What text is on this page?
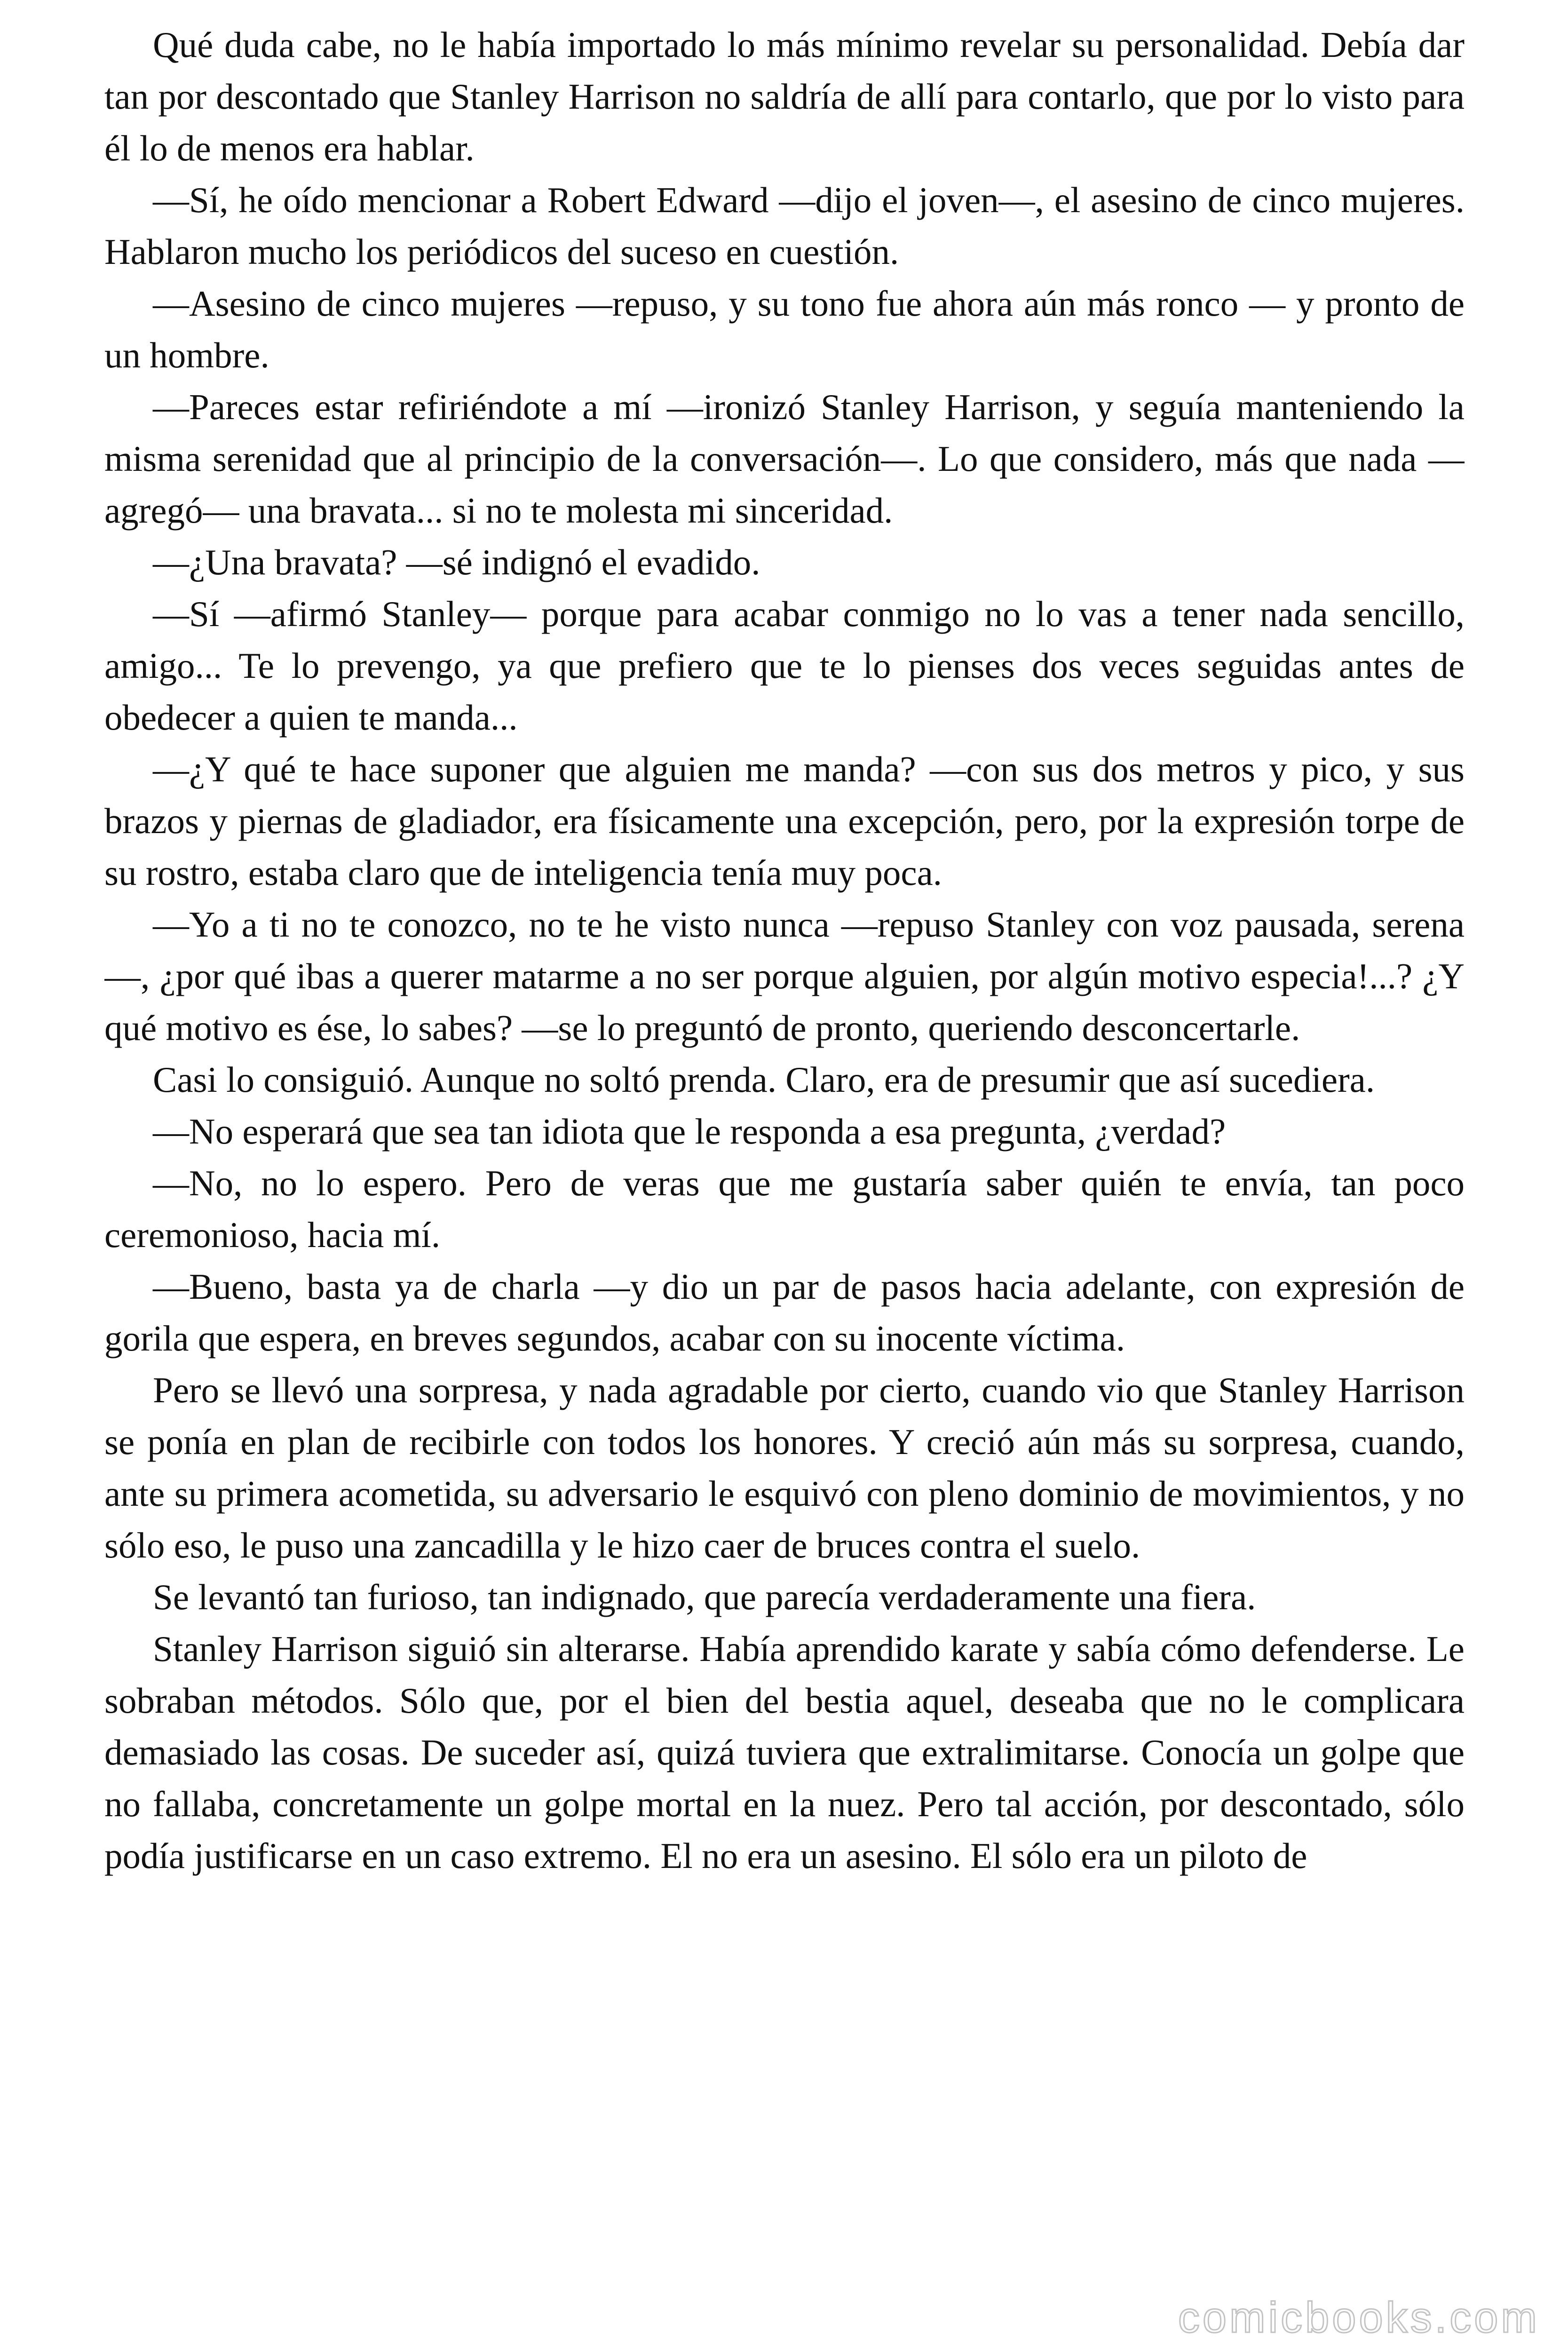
Qué duda cabe, no le había importado lo más mínimo revelar su personalidad. Debía dar tan por descontado que Stanley Harrison no saldría de allí para contarlo, que por lo visto para él lo de menos era hablar.

—Sí, he oído mencionar a Robert Edward —dijo el joven—, el asesino de cinco mujeres. Hablaron mucho los periódicos del suceso en cuestión.

—Asesino de cinco mujeres —repuso, y su tono fue ahora aún más ronco — y pronto de un hombre.

—Pareces estar refiriéndote a mí —ironizó Stanley Harrison, y seguía manteniendo la misma serenidad que al principio de la conversación—. Lo que considero, más que nada —agregó— una bravata... si no te molesta mi sinceridad.

—¿Una bravata? —sé indignó el evadido.

—Sí —afirmó Stanley— porque para acabar conmigo no lo vas a tener nada sencillo, amigo... Te lo prevengo, ya que prefiero que te lo pienses dos veces seguidas antes de obedecer a quien te manda...

—¿Y qué te hace suponer que alguien me manda? —con sus dos metros y pico, y sus brazos y piernas de gladiador, era físicamente una excepción, pero, por la expresión torpe de su rostro, estaba claro que de inteligencia tenía muy poca.

—Yo a ti no te conozco, no te he visto nunca —repuso Stanley con voz pausada, serena—, ¿por qué ibas a querer matarme a no ser porque alguien, por algún motivo especia!...? ¿Y qué motivo es ése, lo sabes? —se lo preguntó de pronto, queriendo desconcertarle.

Casi lo consiguió. Aunque no soltó prenda. Claro, era de presumir que así sucediera.

—No esperará que sea tan idiota que le responda a esa pregunta, ¿verdad?

—No, no lo espero. Pero de veras que me gustaría saber quién te envía, tan poco ceremonioso, hacia mí.

—Bueno, basta ya de charla —y dio un par de pasos hacia adelante, con expresión de gorila que espera, en breves segundos, acabar con su inocente víctima.

Pero se llevó una sorpresa, y nada agradable por cierto, cuando vio que Stanley Harrison se ponía en plan de recibirle con todos los honores. Y creció aún más su sorpresa, cuando, ante su primera acometida, su adversario le esquivó con pleno dominio de movimientos, y no sólo eso, le puso una zancadilla y le hizo caer de bruces contra el suelo.

Se levantó tan furioso, tan indignado, que parecía verdaderamente una fiera.

Stanley Harrison siguió sin alterarse. Había aprendido karate y sabía cómo defenderse. Le sobraban métodos. Sólo que, por el bien del bestia aquel, deseaba que no le complicara demasiado las cosas. De suceder así, quizá tuviera que extralimitarse. Conocía un golpe que no fallaba, concretamente un golpe mortal en la nuez. Pero tal acción, por descontado, sólo podía justificarse en un caso extremo. El no era un asesino. El sólo era un piloto de

comicbooks.com
